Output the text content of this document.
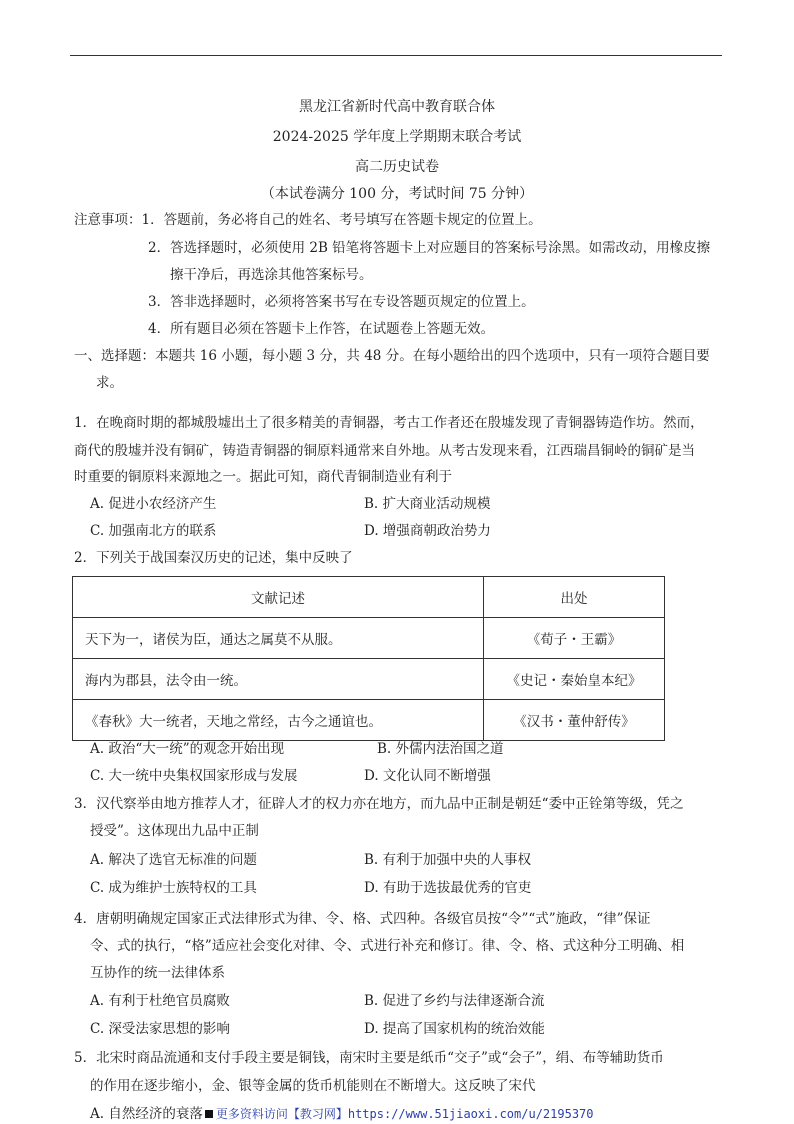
黑龙江省新时代高中教育联合体
2024-2025 学年度上学期期末联合考试
高二历史试卷
（本试卷满分 100 分，考试时间 75 分钟）
注意事项：1．答题前，务必将自己的姓名、考号填写在答题卡规定的位置上。
2．答选择题时，必须使用 2B 铅笔将答题卡上对应题目的答案标号涂黑。如需改动，用橡皮擦
擦干净后，再选涂其他答案标号。
3．答非选择题时，必须将答案书写在专设答题页规定的位置上。
4．所有题目必须在答题卡上作答，在试题卷上答题无效。
一、选择题：本题共 16 小题，每小题 3 分，共 48 分。在每小题给出的四个选项中，只有一项符合题目要
求。
1．在晚商时期的都城殷墟出土了很多精美的青铜器，考古工作者还在殷墟发现了青铜器铸造作坊。然而，
商代的殷墟并没有铜矿，铸造青铜器的铜原料通常来自外地。从考古发现来看，江西瑞昌铜岭的铜矿是当
时重要的铜原料来源地之一。据此可知，商代青铜制造业有利于
A. 促进小农经济产生	B. 扩大商业活动规模
C. 加强南北方的联系	D. 增强商朝政治势力
2．下列关于战国秦汉历史的记述，集中反映了
文献记述	出处
天下为一，诸侯为臣，通达之属莫不从服。	《荀子・王霸》
海内为郡县，法令由一统。	《史记・秦始皇本纪》
《春秋》大一统者，天地之常经，古今之通谊也。	《汉书・董仲舒传》
A. 政治“大一统”的观念开始出现	B. 外儒内法治国之道
C. 大一统中央集权国家形成与发展	D. 文化认同不断增强
3．汉代察举由地方推荐人才，征辟人才的权力亦在地方，而九品中正制是朝廷“委中正铨第等级，凭之
授受”。这体现出九品中正制
A. 解决了选官无标准的问题	B. 有利于加强中央的人事权
C. 成为维护士族特权的工具	D. 有助于选拔最优秀的官吏
4．唐朝明确规定国家正式法律形式为律、令、格、式四种。各级官员按“令”“式”施政，“律”保证
令、式的执行，“格”适应社会变化对律、令、式进行补充和修订。律、令、格、式这种分工明确、相
互协作的统一法律体系
A. 有利于杜绝官员腐败	B. 促进了乡约与法律逐渐合流
C. 深受法家思想的影响	D. 提高了国家机构的统治效能
5．北宋时商品流通和支付手段主要是铜钱，南宋时主要是纸币“交子”或“会子”，绢、布等辅助货币
的作用在逐步缩小，金、银等金属的货币机能则在不断增大。这反映了宋代
A. 自然经济的衰落 更多资料访问【教习网】https://www.51jiaoxi.com/u/2195370
